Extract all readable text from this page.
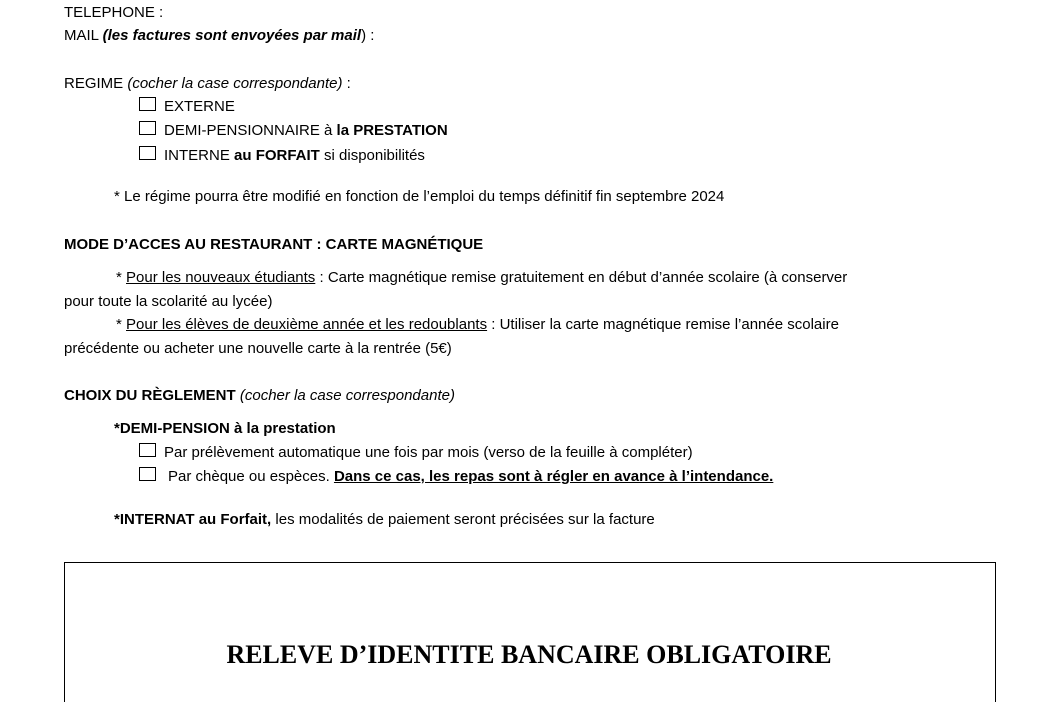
TELEPHONE :
MAIL (les factures sont envoyées par mail) :
REGIME (cocher la case correspondante) :
EXTERNE
DEMI-PENSIONNAIRE à la PRESTATION
INTERNE au FORFAIT si disponibilités
* Le régime pourra être modifié en fonction de l’emploi du temps définitif fin septembre 2024
MODE D’ACCES AU RESTAURANT : CARTE MAGNÉTIQUE
* Pour les nouveaux étudiants : Carte magnétique remise gratuitement en début d’année scolaire (à conserver
pour toute la scolarité au lycée)
* Pour les élèves de deuxième année et les redoublants : Utiliser la carte magnétique remise l’année scolaire
précédente ou acheter une nouvelle carte à la rentrée (5€)
CHOIX DU RÈGLEMENT (cocher la case correspondante)
*DEMI-PENSION à la prestation
Par prélèvement automatique une fois par mois (verso de la feuille à compléter)
Par chèque ou espèces. Dans ce cas, les repas sont à régler en avance à l’intendance.
*INTERNAT au Forfait, les modalités de paiement seront précisées sur la facture
RELEVE D’IDENTITE BANCAIRE OBLIGATOIRE
